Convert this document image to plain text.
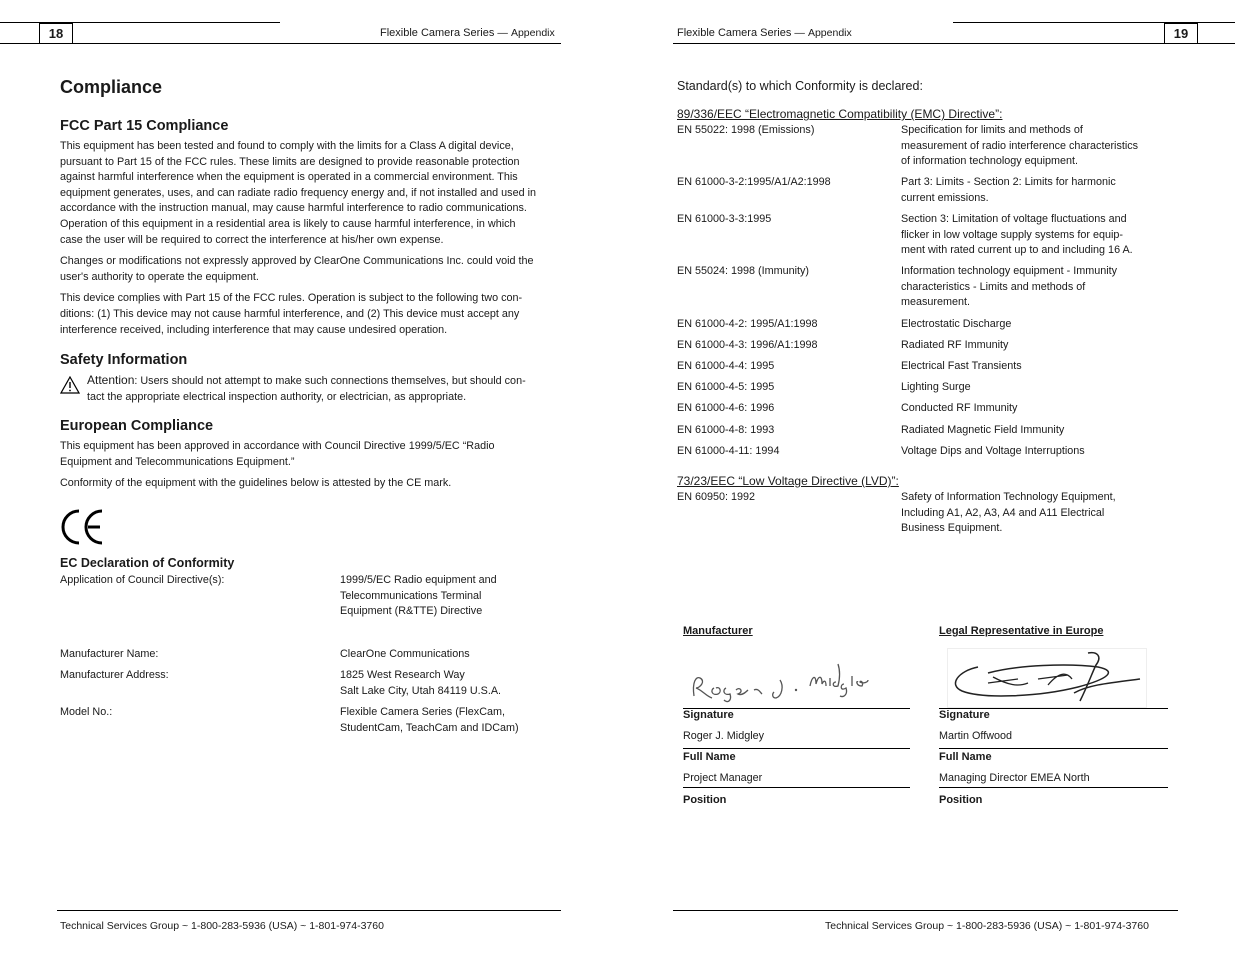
18	Flexible Camera Series — Appendix
Compliance
FCC Part 15 Compliance
This equipment has been tested and found to comply with the limits for a Class A digital device,
pursuant to Part 15 of the FCC rules. These limits are designed to provide reasonable protection
against harmful interference when the equipment is operated in a commercial environment. This
equipment generates, uses, and can radiate radio frequency energy and, if not installed and used in
accordance with the instruction manual, may cause harmful interference to radio communications.
Operation of this equipment in a residential area is likely to cause harmful interference, in which
case the user will be required to correct the interference at his/her own expense.
Changes or modifications not expressly approved by ClearOne Communications Inc. could void the
user's authority to operate the equipment.
This device complies with Part 15 of the FCC rules. Operation is subject to the following two con-
ditions: (1) This device may not cause harmful interference, and (2) This device must accept any
interference received, including interference that may cause undesired operation.
Safety Information
Attention: Users should not attempt to make such connections themselves, but should con-
tact the appropriate electrical inspection authority, or electrician, as appropriate.
European Compliance
This equipment has been approved in accordance with Council Directive 1999/5/EC “Radio
Equipment and Telecommunications Equipment.”
Conformity of the equipment with the guidelines below is attested by the CE mark.
EC Declaration of Conformity
Application of Council Directive(s):	1999/5/EC Radio equipment and
Telecommunications Terminal
Equipment (R&TTE) Directive
Manufacturer Name:	ClearOne Communications
Manufacturer Address:	1825 West Research Way
Salt Lake City, Utah 84119 U.S.A.
Model No.:	Flexible Camera Series (FlexCam,
StudentCam, TeachCam and IDCam)
Technical Services Group ~ 1-800-283-5936 (USA) ~ 1-801-974-3760
19
Flexible Camera Series — Appendix
Standard(s) to which Conformity is declared:
89/336/EEC “Electromagnetic Compatibility (EMC) Directive”:
EN 55022: 1998 (Emissions)	Specification for limits and methods of
measurement of radio interference characteristics
of information technology equipment.
EN 61000-3-2:1995/A1/A2:1998	Part 3: Limits - Section 2: Limits for harmonic
current emissions.
EN 61000-3-3:1995	Section 3: Limitation of voltage fluctuations and
flicker in low voltage supply systems for equip-
ment with rated current up to and including 16 A.
EN 55024: 1998 (Immunity)	Information technology equipment - Immunity
characteristics - Limits and methods of
measurement.
EN 61000-4-2: 1995/A1:1998	Electrostatic Discharge
EN 61000-4-3: 1996/A1:1998	Radiated RF Immunity
EN 61000-4-4: 1995	Electrical Fast Transients
EN 61000-4-5: 1995	Lighting Surge
EN 61000-4-6: 1996	Conducted RF Immunity
EN 61000-4-8: 1993	Radiated Magnetic Field Immunity
EN 61000-4-11: 1994	Voltage Dips and Voltage Interruptions
73/23/EEC “Low Voltage Directive (LVD)”:
EN 60950: 1992	Safety of Information Technology Equipment,
Including A1, A2, A3, A4 and A11 Electrical
Business Equipment.
Manufacturer
Signature
Roger J. Midgley
Full Name
Project Manager
Position
Legal Representative in Europe
Signature
Martin Offwood
Full Name
Managing Director EMEA North
Position
Technical Services Group ~ 1-800-283-5936 (USA) ~ 1-801-974-3760
